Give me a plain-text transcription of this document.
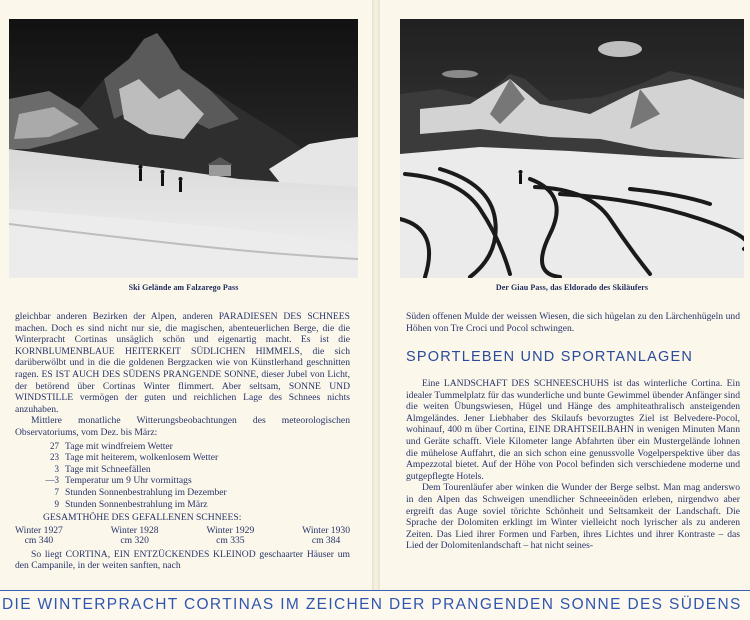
Ski Gelände am Falzarego Pass	Der Giau Pass, das Eldorado des Skiläufers

gleichbar anderen Bezirken der Alpen, anderen PARADIESEN DES SCHNEES machen. Doch es sind nicht nur sie, die magischen, abenteuerlichen Berge, die die Winterpracht Cortinas unsäglich schön und eigenartig macht. Es ist die KORNBLUMENBLAUE HEITERKEIT SÜDLICHEN HIMMELS, die sich darüberwölbt und in die die goldenen Bergzacken wie von Künstlerhand geschnitten ragen. ES IST AUCH DES SÜDENS PRANGENDE SONNE, dieser Jubel von Licht, der betörend über Cortinas Winter flimmert. Aber seltsam, SONNE UND WINDSTILLE vermögen der guten und reichlichen Lage des Schnees nichts anzuhaben.

Mittlere monatliche Witterungsbeobachtungen des meteorologischen Observatoriums, vom Dez. bis März:

27 Tage mit windfreiem Wetter
23 Tage mit heiterem, wolkenlosem Wetter
3 Tage mit Schneefällen
—3 Temperatur um 9 Uhr vormittags
7 Stunden Sonnenbestrahlung im Dezember
9 Stunden Sonnenbestrahlung im März

GESAMTHÖHE DES GEFALLENEN SCHNEES:

Winter 1927
cm 340
Winter 1928
cm 320
Winter 1929
cm 335
Winter 1930
cm 384

So liegt CORTINA, EIN ENTZÜCKENDES KLEINOD geschaarter Häuser um den Campanile, in der weiten sanften, nach

Süden offenen Mulde der weissen Wiesen, die sich hügelan zu den Lärchenhügeln und Höhen von Tre Croci und Pocol schwingen.

SPORTLEBEN UND SPORTANLAGEN

Eine LANDSCHAFT DES SCHNEESCHUHS ist das winterliche Cortina. Ein idealer Tummelplatz für das wunderliche und bunte Gewimmel übender Anfänger sind die weiten Übungswiesen, Hügel und Hänge des amphiteathralisch ansteigenden Almgeländes. Jener Liebhaber des Skilaufs bevorzugtes Ziel ist Belvedere-Pocol, wohinauf, 400 m über Cortina, EINE DRAHTSEILBAHN in wenigen Minuten Mann und Geräte schafft. Viele Kilometer lange Abfahrten über ein Mustergelände lohnen die mühelose Auffahrt, die an sich schon eine genussvolle Vogelperspektive über das Ampezzotal bietet. Auf der Höhe von Pocol befinden sich verschiedene moderne und gutgepflegte Hotels.

Dem Tourenläufer aber winken die Wunder der Berge selbst. Man mag anderswo in den Alpen das Schweigen unendlicher Schneeeinöden erleben, nirgendwo aber ergreift das Auge soviel törichte Schönheit und Seltsamkeit der Landschaft. Die Sprache der Dolomiten erklingt im Winter vielleicht noch lyrischer als zu anderen Zeiten. Das Lied ihrer Formen und Farben, ihres Lichtes und ihrer Kontraste – das Lied der Dolomitenlandschaft – hat nicht seines-

DIE WINTERPRACHT CORTINAS IM ZEICHEN DER PRANGENDEN SONNE DES SÜDENS
